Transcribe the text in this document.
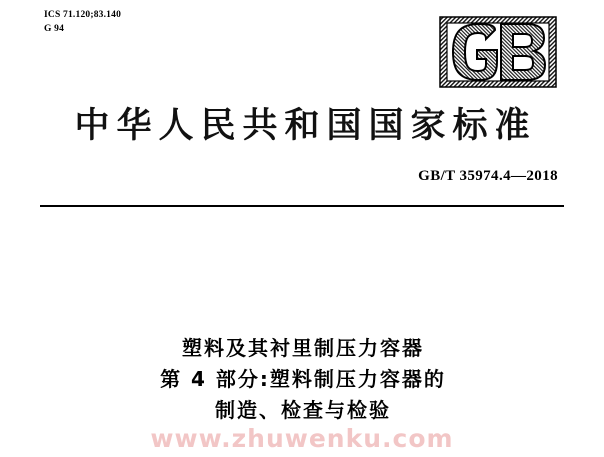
ICS 71.120;83.140
G 94
中华人民共和国国家标准
GB/T 35974.4—2018
塑料及其衬里制压力容器
第 4 部分:塑料制压力容器的
制造、检查与检验
www.zhuwenku.com
